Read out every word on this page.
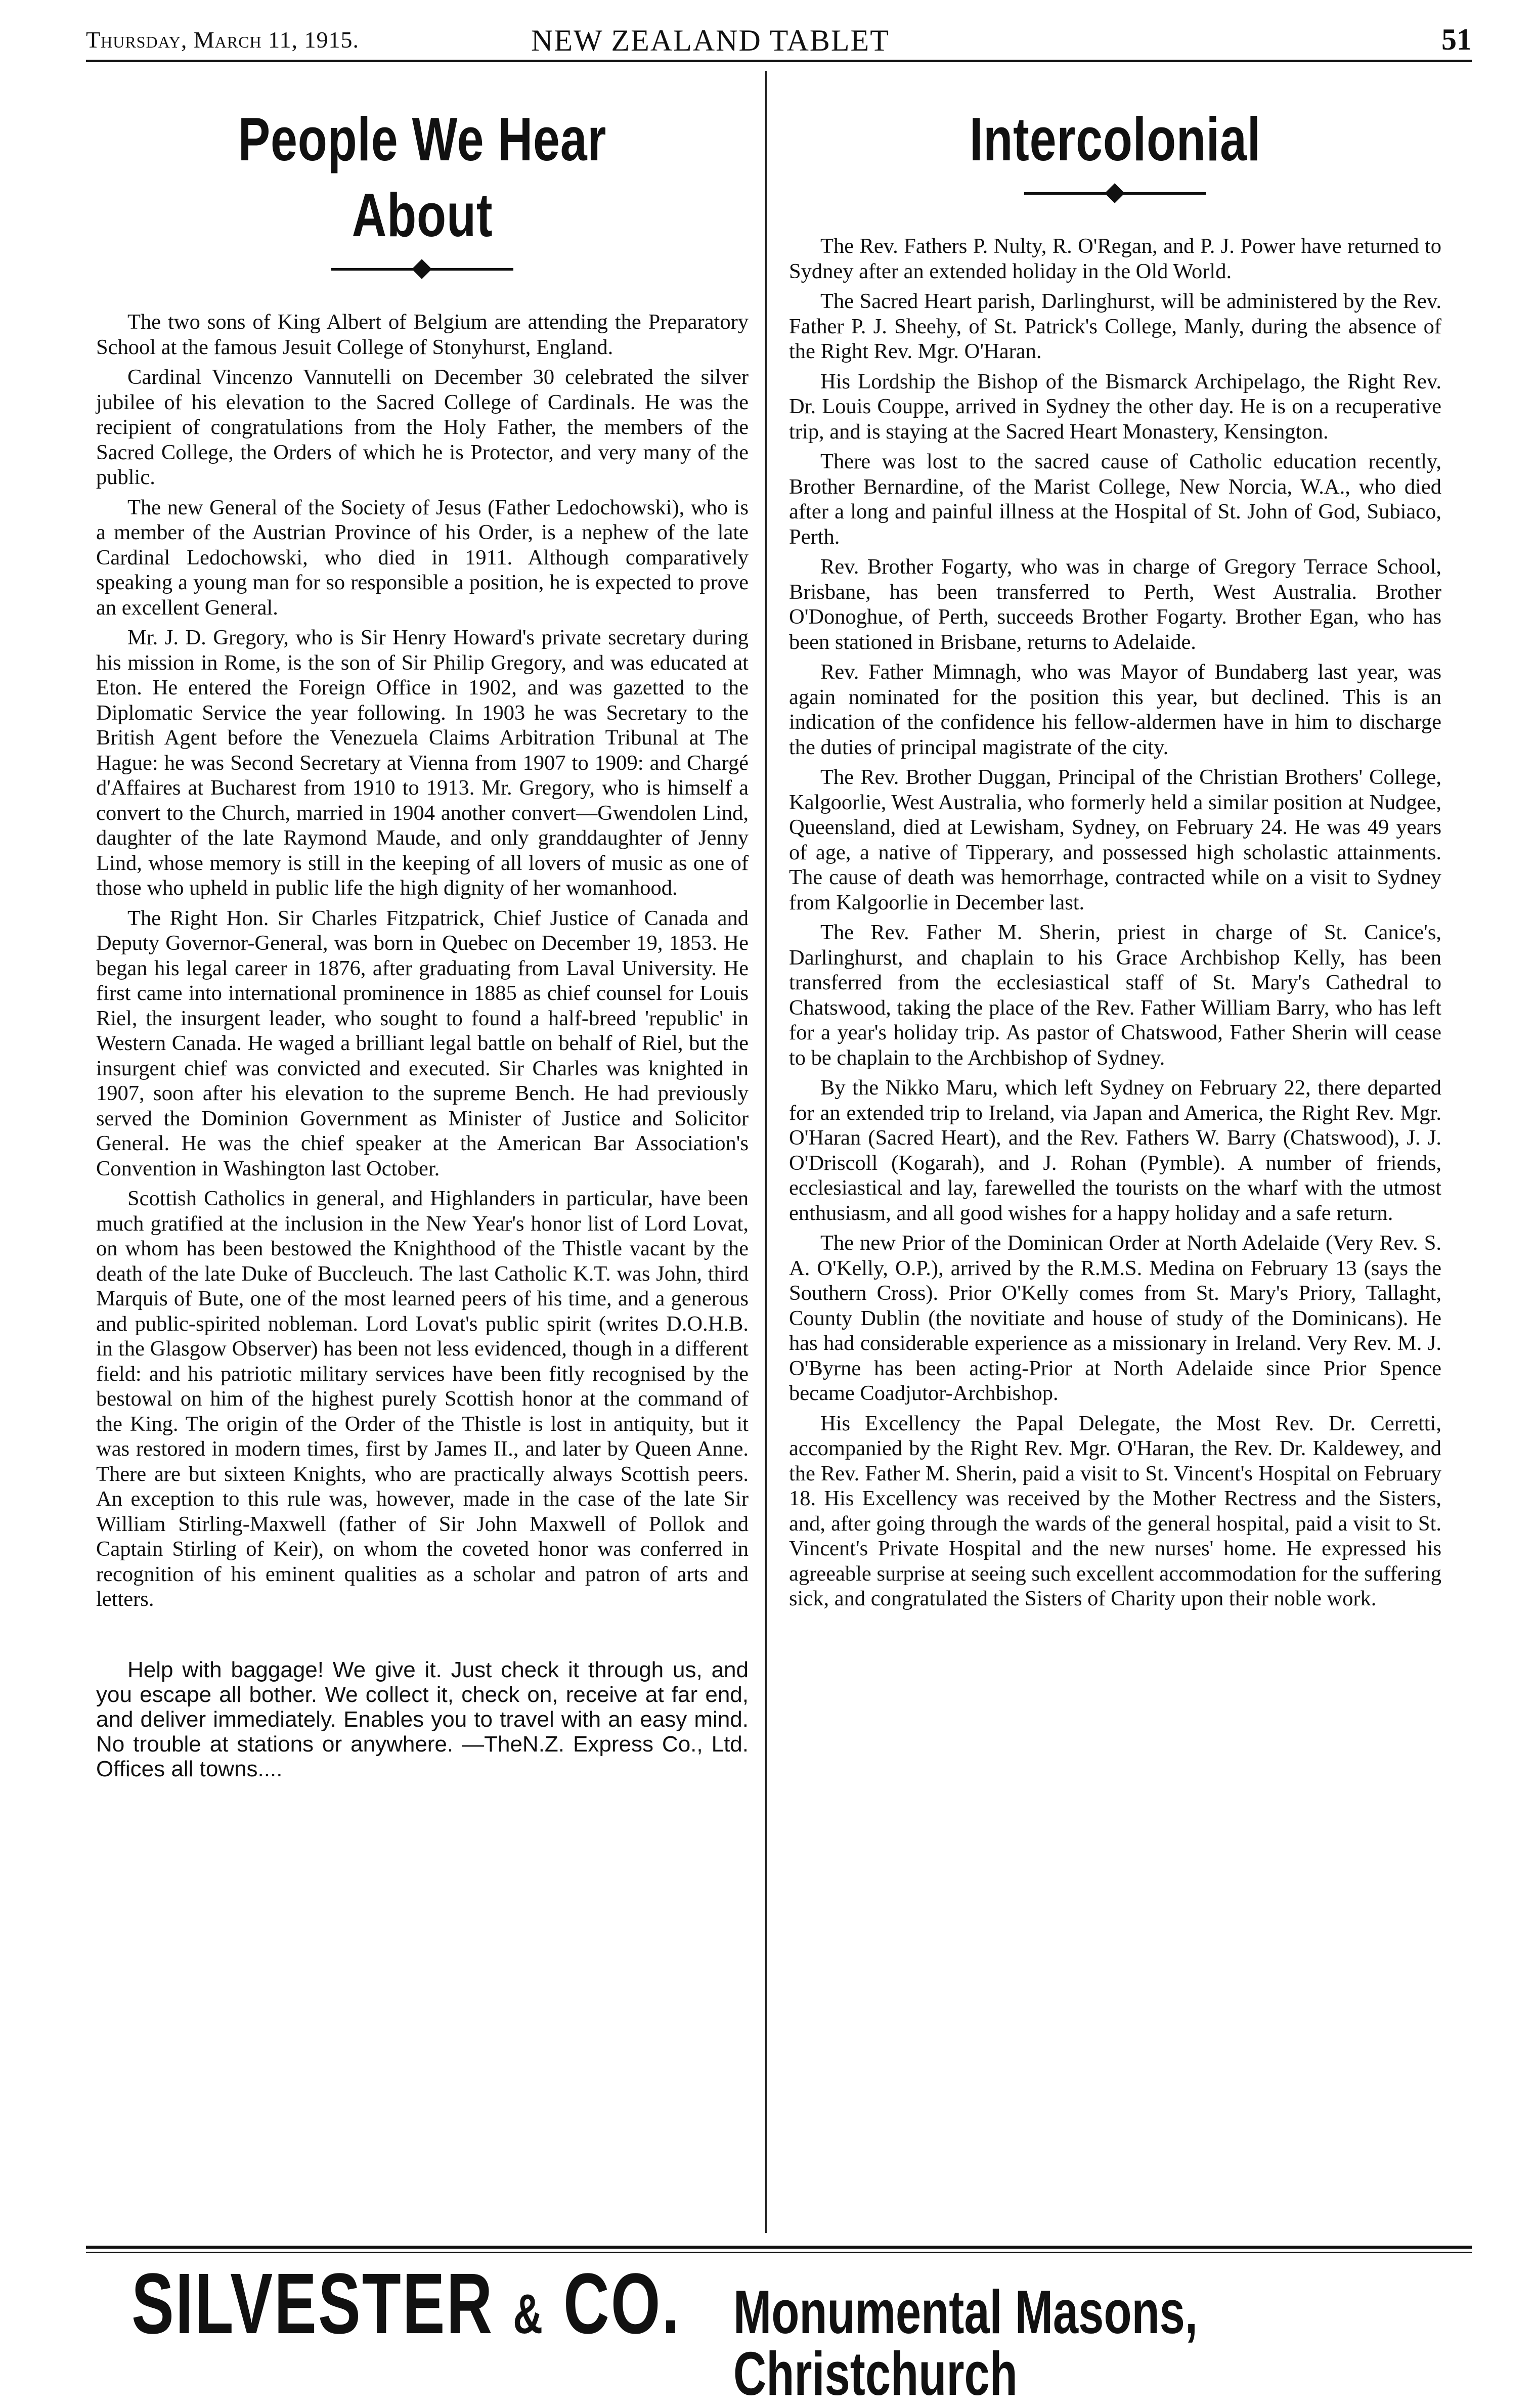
Thursday, March 11, 1915.	NEW ZEALAND TABLET	51
People We Hear About

The two sons of King Albert of Belgium are attending the Preparatory School at the famous Jesuit College of Stonyhurst, England.

Cardinal Vincenzo Vannutelli on December 30 celebrated the silver jubilee of his elevation to the Sacred College of Cardinals. He was the recipient of congratulations from the Holy Father, the members of the Sacred College, the Orders of which he is Protector, and very many of the public.

The new General of the Society of Jesus (Father Ledochowski), who is a member of the Austrian Province of his Order, is a nephew of the late Cardinal Ledochowski, who died in 1911. Although comparatively speaking a young man for so responsible a position, he is expected to prove an excellent General.

Mr. J. D. Gregory, who is Sir Henry Howard's private secretary during his mission in Rome, is the son of Sir Philip Gregory, and was educated at Eton. He entered the Foreign Office in 1902, and was gazetted to the Diplomatic Service the year following. In 1903 he was Secretary to the British Agent before the Venezuela Claims Arbitration Tribunal at The Hague: he was Second Secretary at Vienna from 1907 to 1909: and Chargé d'Affaires at Bucharest from 1910 to 1913. Mr. Gregory, who is himself a convert to the Church, married in 1904 another convert—Gwendolen Lind, daughter of the late Raymond Maude, and only granddaughter of Jenny Lind, whose memory is still in the keeping of all lovers of music as one of those who upheld in public life the high dignity of her womanhood.

The Right Hon. Sir Charles Fitzpatrick, Chief Justice of Canada and Deputy Governor-General, was born in Quebec on December 19, 1853. He began his legal career in 1876, after graduating from Laval University. He first came into international prominence in 1885 as chief counsel for Louis Riel, the insurgent leader, who sought to found a half-breed 'republic' in Western Canada. He waged a brilliant legal battle on behalf of Riel, but the insurgent chief was convicted and executed. Sir Charles was knighted in 1907, soon after his elevation to the supreme Bench. He had previously served the Dominion Government as Minister of Justice and Solicitor General. He was the chief speaker at the American Bar Association's Convention in Washington last October.

Scottish Catholics in general, and Highlanders in particular, have been much gratified at the inclusion in the New Year's honor list of Lord Lovat, on whom has been bestowed the Knighthood of the Thistle vacant by the death of the late Duke of Buccleuch. The last Catholic K.T. was John, third Marquis of Bute, one of the most learned peers of his time, and a generous and public-spirited nobleman. Lord Lovat's public spirit (writes D.O.H.B. in the Glasgow Observer) has been not less evidenced, though in a different field: and his patriotic military services have been fitly recognised by the bestowal on him of the highest purely Scottish honor at the command of the King. The origin of the Order of the Thistle is lost in antiquity, but it was restored in modern times, first by James II., and later by Queen Anne. There are but sixteen Knights, who are practically always Scottish peers. An exception to this rule was, however, made in the case of the late Sir William Stirling-Maxwell (father of Sir John Maxwell of Pollok and Captain Stirling of Keir), on whom the coveted honor was conferred in recognition of his eminent qualities as a scholar and patron of arts and letters.

Help with baggage! We give it. Just check it through us, and you escape all bother. We collect it, check on, receive at far end, and deliver immediately. Enables you to travel with an easy mind. No trouble at stations or anywhere. —TheN.Z. Express Co., Ltd. Offices all towns....

Intercolonial

The Rev. Fathers P. Nulty, R. O'Regan, and P. J. Power have returned to Sydney after an extended holiday in the Old World.

The Sacred Heart parish, Darlinghurst, will be administered by the Rev. Father P. J. Sheehy, of St. Patrick's College, Manly, during the absence of the Right Rev. Mgr. O'Haran.

His Lordship the Bishop of the Bismarck Archipelago, the Right Rev. Dr. Louis Couppe, arrived in Sydney the other day. He is on a recuperative trip, and is staying at the Sacred Heart Monastery, Kensington.

There was lost to the sacred cause of Catholic education recently, Brother Bernardine, of the Marist College, New Norcia, W.A., who died after a long and painful illness at the Hospital of St. John of God, Subiaco, Perth.

Rev. Brother Fogarty, who was in charge of Gregory Terrace School, Brisbane, has been transferred to Perth, West Australia. Brother O'Donoghue, of Perth, succeeds Brother Fogarty. Brother Egan, who has been stationed in Brisbane, returns to Adelaide.

Rev. Father Mimnagh, who was Mayor of Bundaberg last year, was again nominated for the position this year, but declined. This is an indication of the confidence his fellow-aldermen have in him to discharge the duties of principal magistrate of the city.

The Rev. Brother Duggan, Principal of the Christian Brothers' College, Kalgoorlie, West Australia, who formerly held a similar position at Nudgee, Queensland, died at Lewisham, Sydney, on February 24. He was 49 years of age, a native of Tipperary, and possessed high scholastic attainments. The cause of death was hemorrhage, contracted while on a visit to Sydney from Kalgoorlie in December last.

The Rev. Father M. Sherin, priest in charge of St. Canice's, Darlinghurst, and chaplain to his Grace Archbishop Kelly, has been transferred from the ecclesiastical staff of St. Mary's Cathedral to Chatswood, taking the place of the Rev. Father William Barry, who has left for a year's holiday trip. As pastor of Chatswood, Father Sherin will cease to be chaplain to the Archbishop of Sydney.

By the Nikko Maru, which left Sydney on February 22, there departed for an extended trip to Ireland, via Japan and America, the Right Rev. Mgr. O'Haran (Sacred Heart), and the Rev. Fathers W. Barry (Chatswood), J. J. O'Driscoll (Kogarah), and J. Rohan (Pymble). A number of friends, ecclesiastical and lay, farewelled the tourists on the wharf with the utmost enthusiasm, and all good wishes for a happy holiday and a safe return.

The new Prior of the Dominican Order at North Adelaide (Very Rev. S. A. O'Kelly, O.P.), arrived by the R.M.S. Medina on February 13 (says the Southern Cross). Prior O'Kelly comes from St. Mary's Priory, Tallaght, County Dublin (the novitiate and house of study of the Dominicans). He has had considerable experience as a missionary in Ireland. Very Rev. M. J. O'Byrne has been acting-Prior at North Adelaide since Prior Spence became Coadjutor-Archbishop.

His Excellency the Papal Delegate, the Most Rev. Dr. Cerretti, accompanied by the Right Rev. Mgr. O'Haran, the Rev. Dr. Kaldewey, and the Rev. Father M. Sherin, paid a visit to St. Vincent's Hospital on February 18. His Excellency was received by the Mother Rectress and the Sisters, and, after going through the wards of the general hospital, paid a visit to St. Vincent's Private Hospital and the new nurses' home. He expressed his agreeable surprise at seeing such excellent accommodation for the suffering sick, and congratulated the Sisters of Charity upon their noble work.

SILVESTER & CO. Monumental Masons, Christchurch
